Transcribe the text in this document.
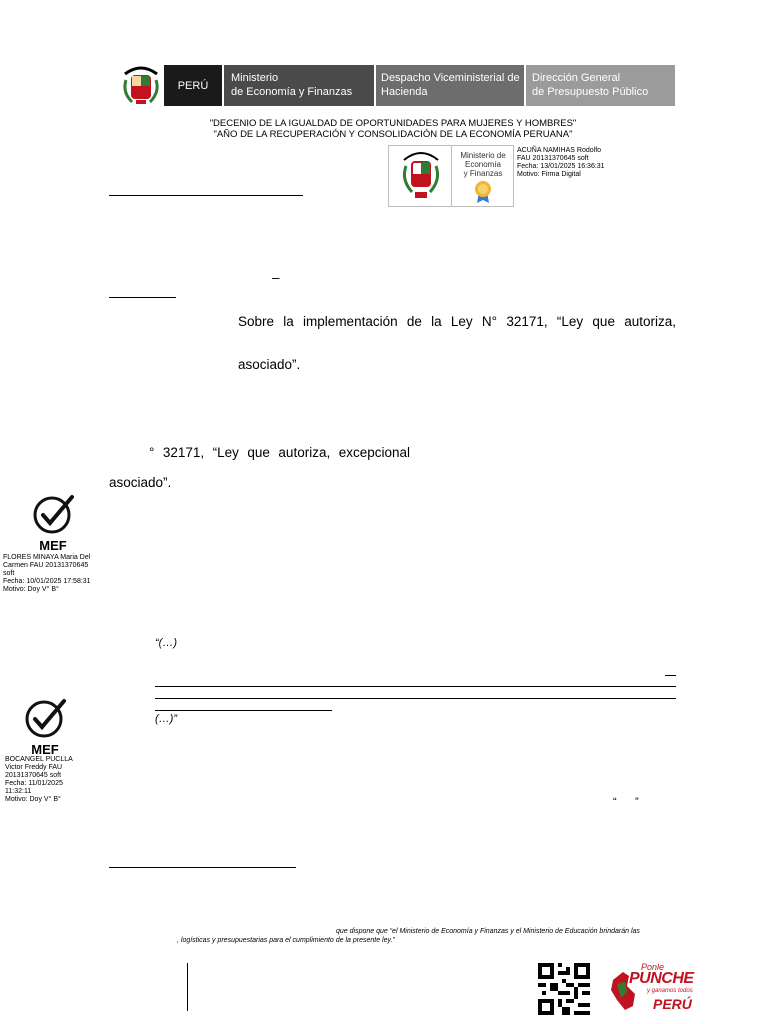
PERÚ
Ministerio
de Economía y Finanzas
Despacho Viceministerial de
Hacienda
Dirección General
de Presupuesto Público
"DECENIO DE LA IGUALDAD DE OPORTUNIDADES PARA MUJERES Y HOMBRES"
"AÑO DE LA RECUPERACIÓN Y CONSOLIDACIÓN DE LA ECONOMÍA PERUANA"
Ministerio de
Economía
y Finanzas
ACUÑA NAMIHAS Rodolfo
FAU 20131370645 soft
Fecha: 13/01/2025 16:36:31
Motivo: Firma Digital
–
Sobre la implementación de la Ley N° 32171, “Ley que autoriza,
asociado”.
° 32171, “Ley que autoriza, excepcional
asociado”.
MEF
FLORES MINAYA Maria Del
Carmen FAU 20131370645
soft
Fecha: 10/01/2025 17:58:31
Motivo: Doy V° B°
“(…)
(…)”
MEF
BOCANGEL PUCLLA
Victor Freddy FAU
20131370645 soft
Fecha: 11/01/2025
11:32:11
Motivo: Doy V° B°	“      ”
que dispone que “el Ministerio de Economía y Finanzas y el Ministerio de Educación brindarán las
, logísticas y presupuestarias para el cumplimiento de la presente ley.”
Ponle
PUNCHE
y ganamos todos
PERÚ
